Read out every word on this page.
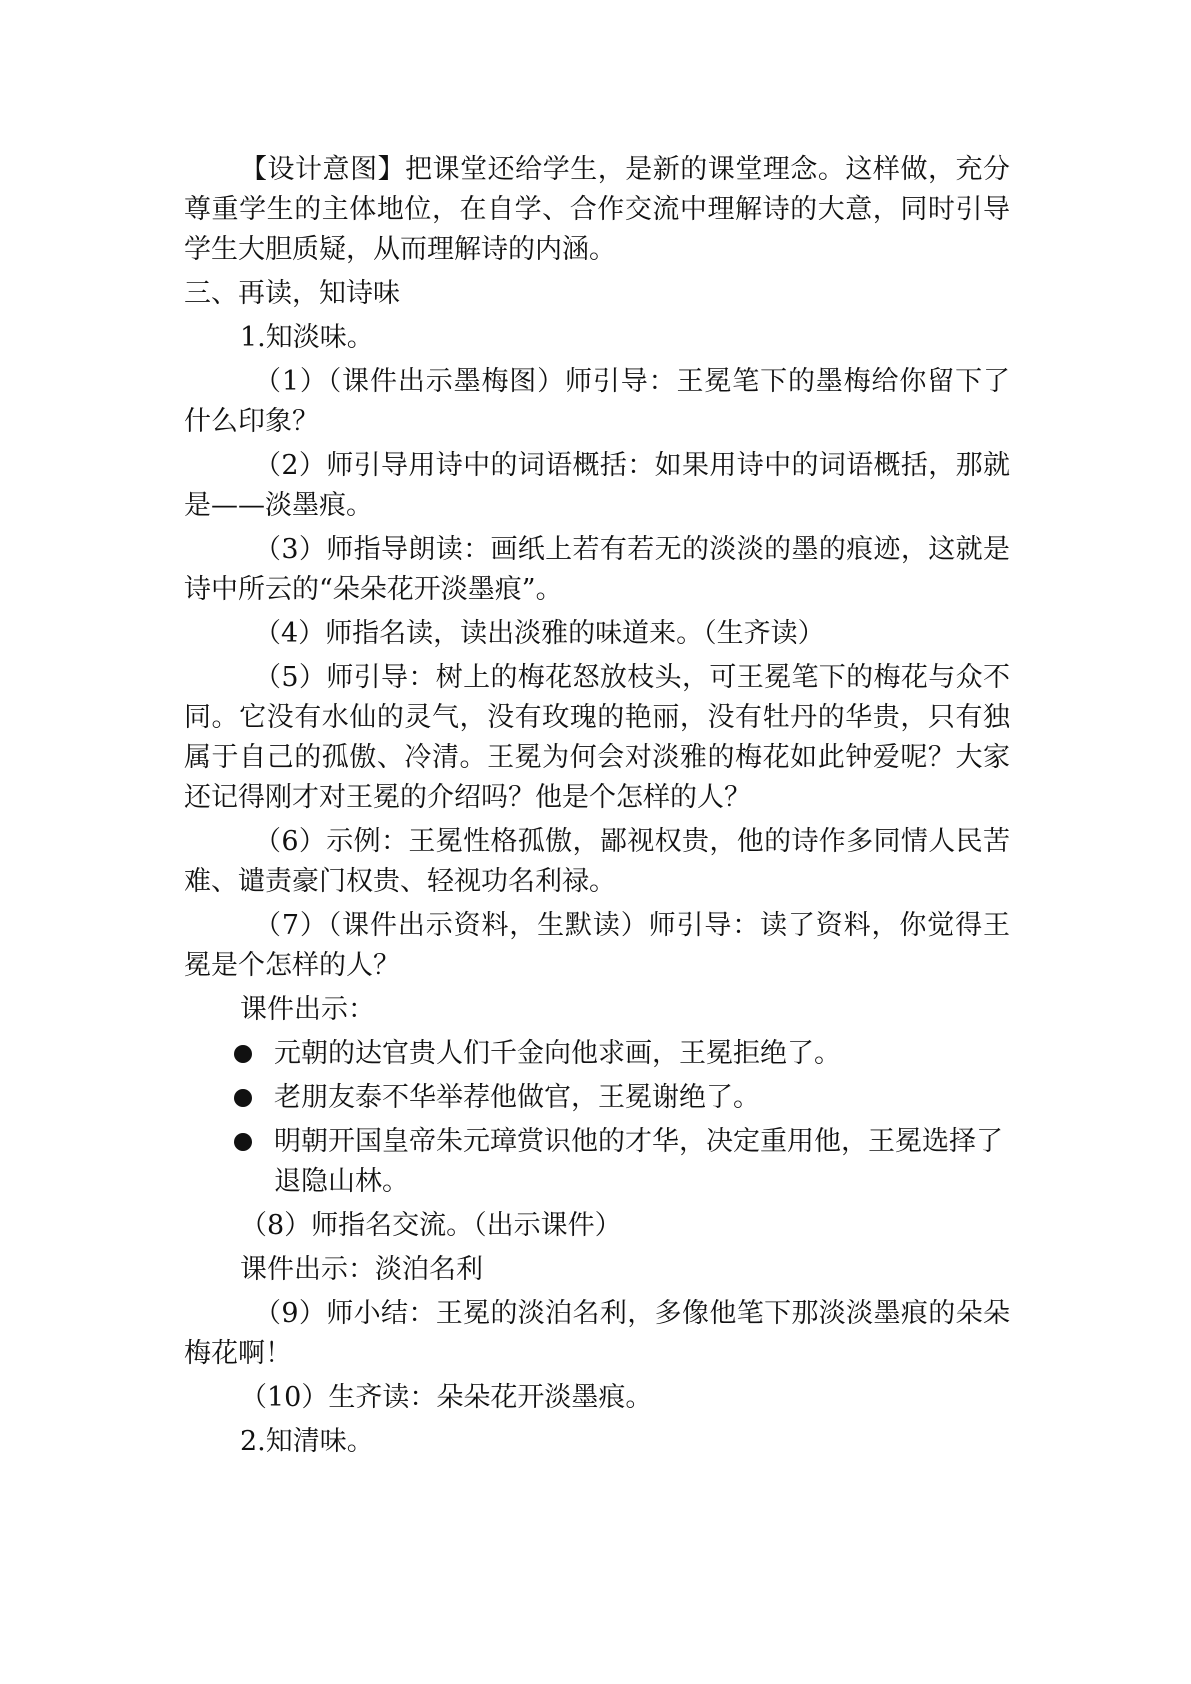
【设计意图】把课堂还给学生，是新的课堂理念。这样做，充分尊重学生的主体地位，在自学、合作交流中理解诗的大意，同时引导学生大胆质疑，从而理解诗的内涵。

三、再读，知诗味

1.知淡味。

（1）（课件出示墨梅图）师引导：王冕笔下的墨梅给你留下了什么印象？

（2）师引导用诗中的词语概括：如果用诗中的词语概括，那就是——淡墨痕。

（3）师指导朗读：画纸上若有若无的淡淡的墨的痕迹，这就是诗中所云的“朵朵花开淡墨痕”。

（4）师指名读，读出淡雅的味道来。（生齐读）

（5）师引导：树上的梅花怒放枝头，可王冕笔下的梅花与众不同。它没有水仙的灵气，没有玫瑰的艳丽，没有牡丹的华贵，只有独属于自己的孤傲、冷清。王冕为何会对淡雅的梅花如此钟爱呢？大家还记得刚才对王冕的介绍吗？他是个怎样的人？

（6）示例：王冕性格孤傲，鄙视权贵，他的诗作多同情人民苦难、谴责豪门权贵、轻视功名利禄。

（7）（课件出示资料，生默读）师引导：读了资料，你觉得王冕是个怎样的人？

课件出示：

元朝的达官贵人们千金向他求画，王冕拒绝了。
老朋友泰不华举荐他做官，王冕谢绝了。
明朝开国皇帝朱元璋赏识他的才华，决定重用他，王冕选择了退隐山林。

（8）师指名交流。（出示课件）

课件出示：淡泊名利

（9）师小结：王冕的淡泊名利，多像他笔下那淡淡墨痕的朵朵梅花啊！

（10）生齐读：朵朵花开淡墨痕。

2.知清味。
